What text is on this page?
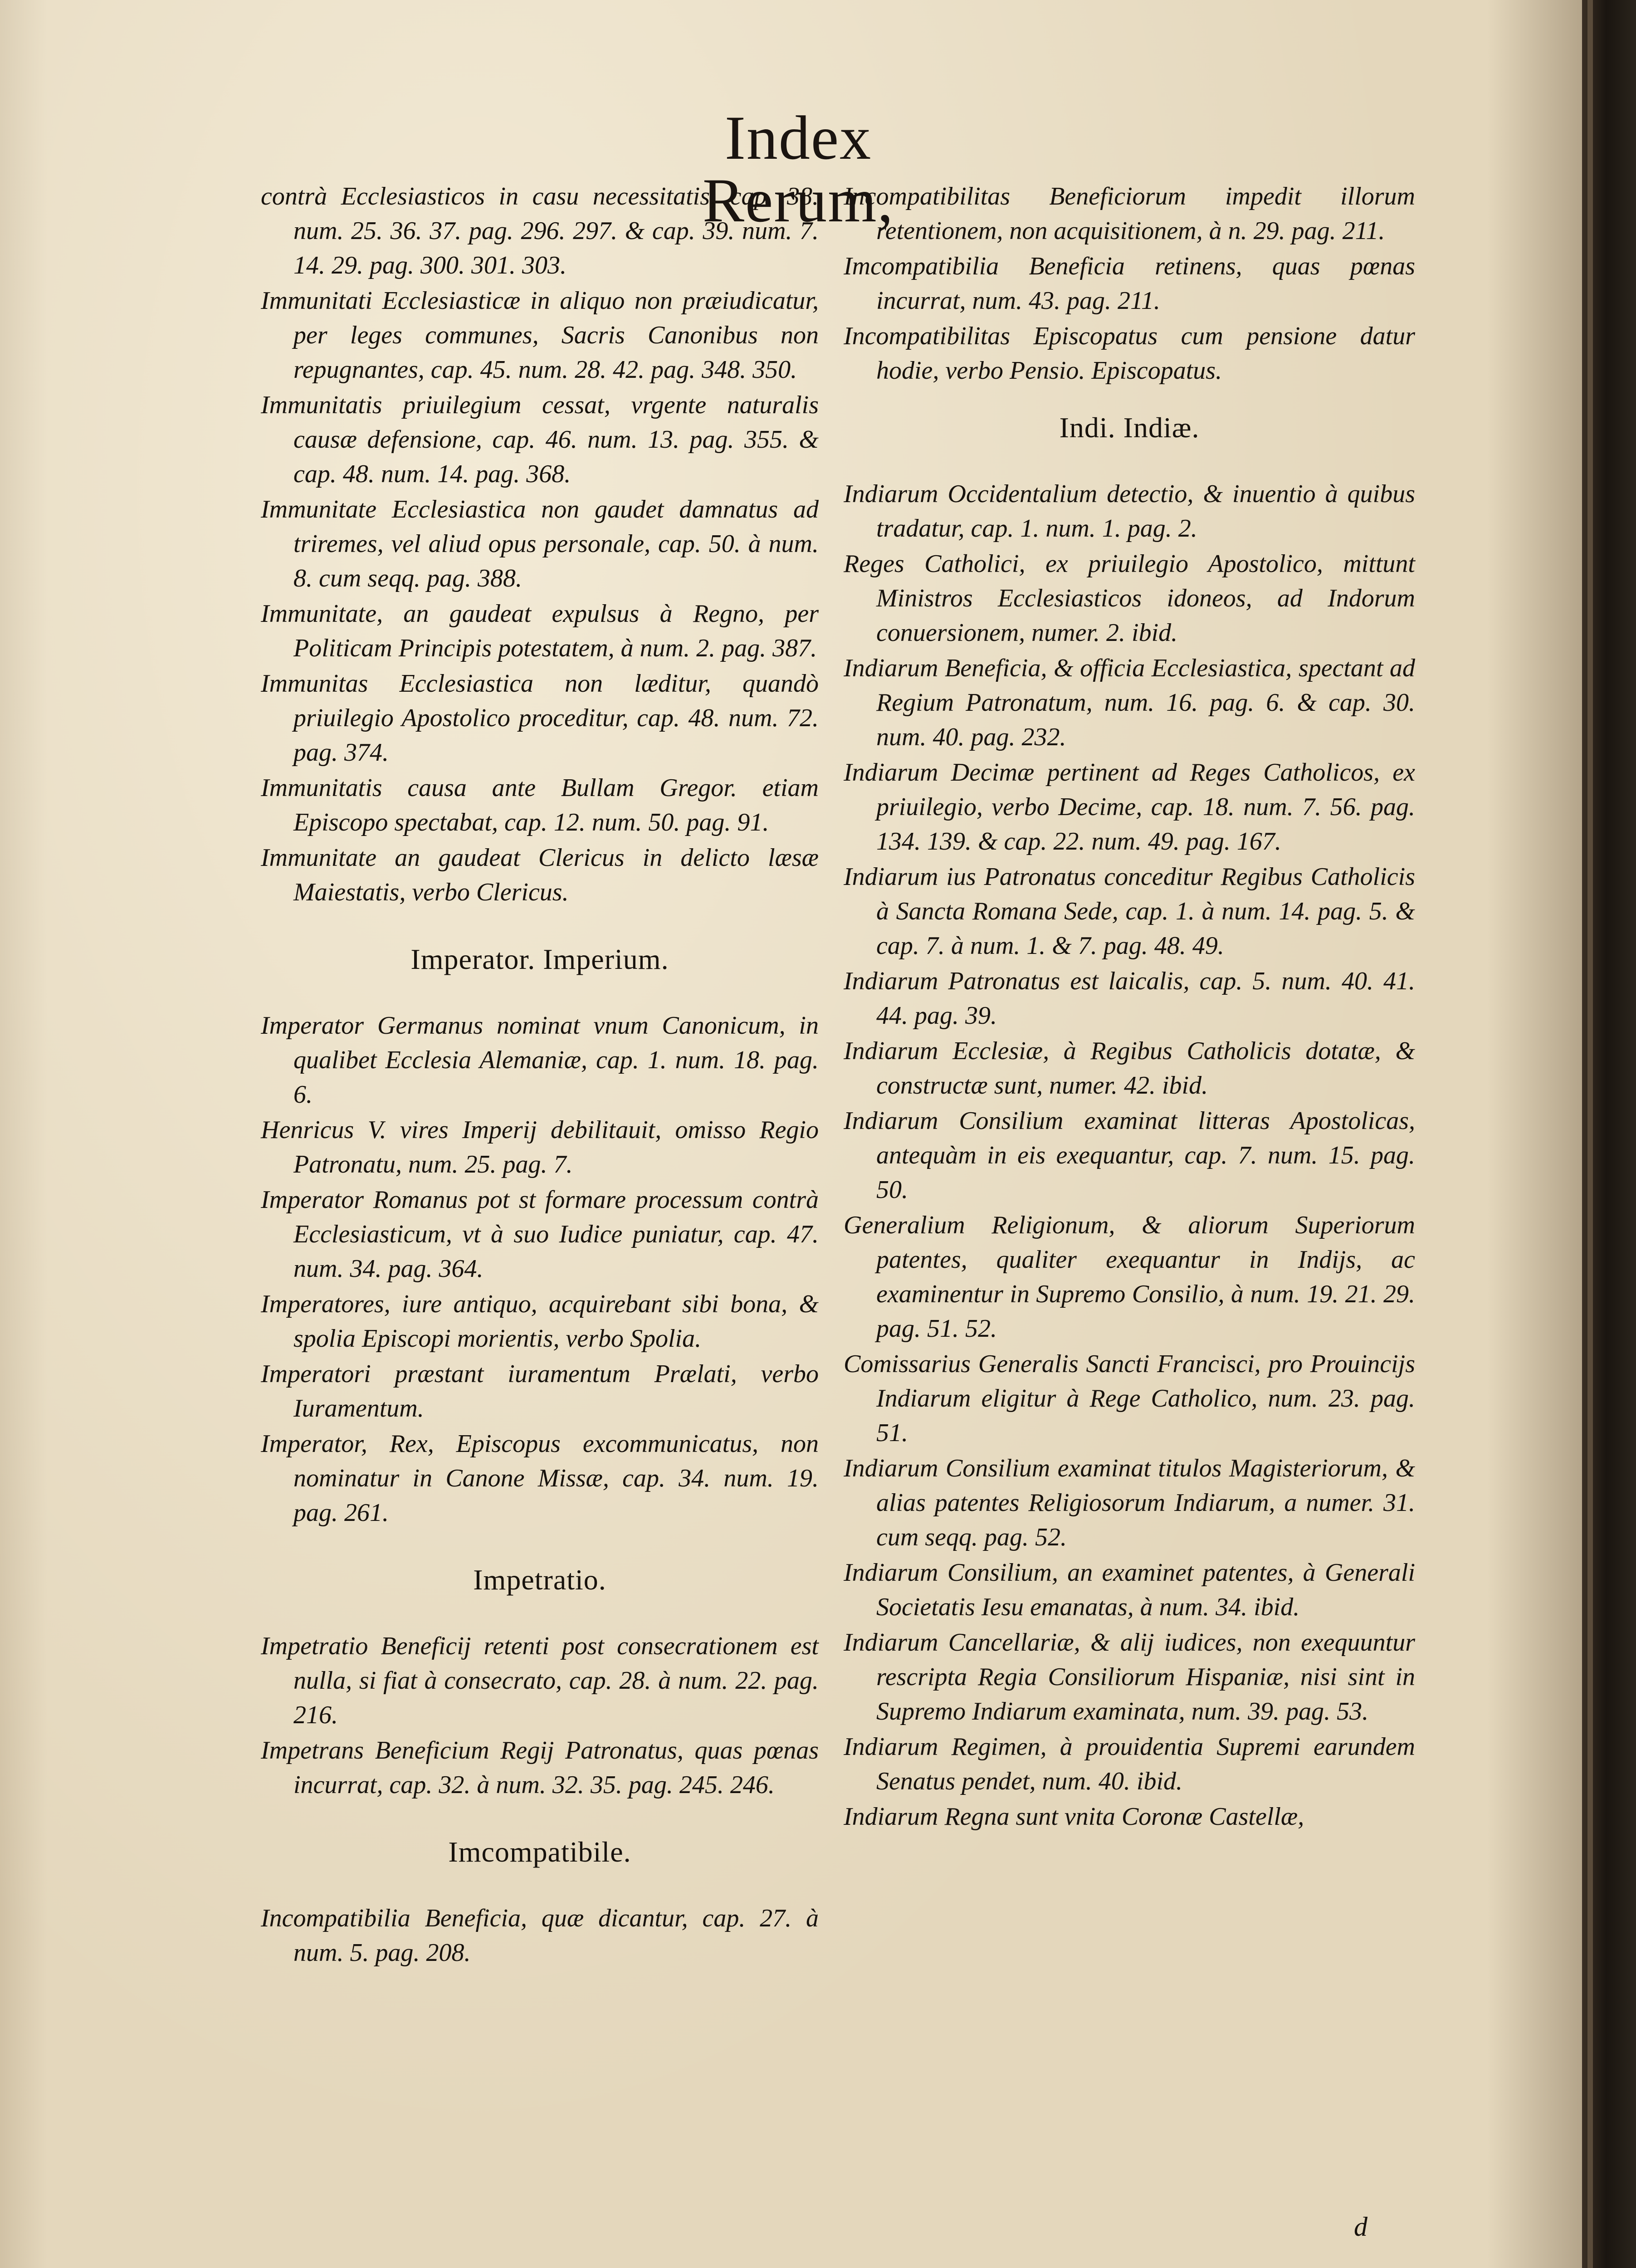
Index Rerum,
contrà Ecclesiasticos in casu necessitatis, cap. 38. num. 25. 36. 37. pag. 296. 297. & cap. 39. num. 7. 14. 29. pag. 300. 301. 303.
Immunitati Ecclesiasticæ in aliquo non præiudicatur, per leges communes, Sacris Canonibus non repugnantes, cap. 45. num. 28. 42. pag. 348. 350.
Immunitatis priuilegium cessat, vrgente naturalis causæ defensione, cap. 46. num. 13. pag. 355. & cap. 48. num. 14. pag. 368.
Immunitate Ecclesiastica non gaudet damnatus ad triremes, vel aliud opus personale, cap. 50. à num. 8. cum seqq. pag. 388.
Immunitate, an gaudeat expulsus à Regno, per Politicam Principis potestatem, à num. 2. pag. 387.
Immunitas Ecclesiastica non læditur, quandò priuilegio Apostolico proceditur, cap. 48. num. 72. pag. 374.
Immunitatis causa ante Bullam Gregor. etiam Episcopo spectabat, cap. 12. num. 50. pag. 91.
Immunitate an gaudeat Clericus in delicto læsæ Maiestatis, verbo Clericus.
Imperator. Imperium.
Imperator Germanus nominat vnum Canonicum, in qualibet Ecclesia Alemaniæ, cap. 1. num. 18. pag. 6.
Henricus V. vires Imperij debilitauit, omisso Regio Patronatu, num. 25. pag. 7.
Imperator Romanus pot st formare processum contrà Ecclesiasticum, vt à suo Iudice puniatur, cap. 47. num. 34. pag. 364.
Imperatores, iure antiquo, acquirebant sibi bona, & spolia Episcopi morientis, verbo Spolia.
Imperatori præstant iuramentum Prælati, verbo Iuramentum.
Imperator, Rex, Episcopus excommunicatus, non nominatur in Canone Missæ, cap. 34. num. 19. pag. 261.
Impetratio.
Impetratio Beneficij retenti post consecrationem est nulla, si fiat à consecrato, cap. 28. à num. 22. pag. 216.
Impetrans Beneficium Regij Patronatus, quas pœnas incurrat, cap. 32. à num. 32. 35. pag. 245. 246.
Imcompatibile.
Incompatibilia Beneficia, quæ dicantur, cap. 27. à num. 5. pag. 208.
Incompatibilitas Beneficiorum impedit illorum retentionem, non acquisitionem, à n. 29. pag. 211.
Imcompatibilia Beneficia retinens, quas pœnas incurrat, num. 43. pag. 211.
Incompatibilitas Episcopatus cum pensione datur hodie, verbo Pensio. Episcopatus.
Indi. Indiæ.
Indiarum Occidentalium detectio, & inuentio à quibus tradatur, cap. 1. num. 1. pag. 2.
Reges Catholici, ex priuilegio Apostolico, mittunt Ministros Ecclesiasticos idoneos, ad Indorum conuersionem, numer. 2. ibid.
Indiarum Beneficia, & officia Ecclesiastica, spectant ad Regium Patronatum, num. 16. pag. 6. & cap. 30. num. 40. pag. 232.
Indiarum Decimæ pertinent ad Reges Catholicos, ex priuilegio, verbo Decime, cap. 18. num. 7. 56. pag. 134. 139. & cap. 22. num. 49. pag. 167.
Indiarum ius Patronatus conceditur Regibus Catholicis à Sancta Romana Sede, cap. 1. à num. 14. pag. 5. & cap. 7. à num. 1. & 7. pag. 48. 49.
Indiarum Patronatus est laicalis, cap. 5. num. 40. 41. 44. pag. 39.
Indiarum Ecclesiæ, à Regibus Catholicis dotatæ, & constructæ sunt, numer. 42. ibid.
Indiarum Consilium examinat litteras Apostolicas, antequàm in eis exequantur, cap. 7. num. 15. pag. 50.
Generalium Religionum, & aliorum Superiorum patentes, qualiter exequantur in Indijs, ac examinentur in Supremo Consilio, à num. 19. 21. 29. pag. 51. 52.
Comissarius Generalis Sancti Francisci, pro Prouincijs Indiarum eligitur à Rege Catholico, num. 23. pag. 51.
Indiarum Consilium examinat titulos Magisteriorum, & alias patentes Religiosorum Indiarum, a numer. 31. cum seqq. pag. 52.
Indiarum Consilium, an examinet patentes, à Generali Societatis Iesu emanatas, à num. 34. ibid.
Indiarum Cancellariæ, & alij iudices, non exequuntur rescripta Regia Consiliorum Hispaniæ, nisi sint in Supremo Indiarum examinata, num. 39. pag. 53.
Indiarum Regimen, à prouidentia Supremi earundem Senatus pendet, num. 40. ibid.
Indiarum Regna sunt vnita Coronæ Castellæ,
d
